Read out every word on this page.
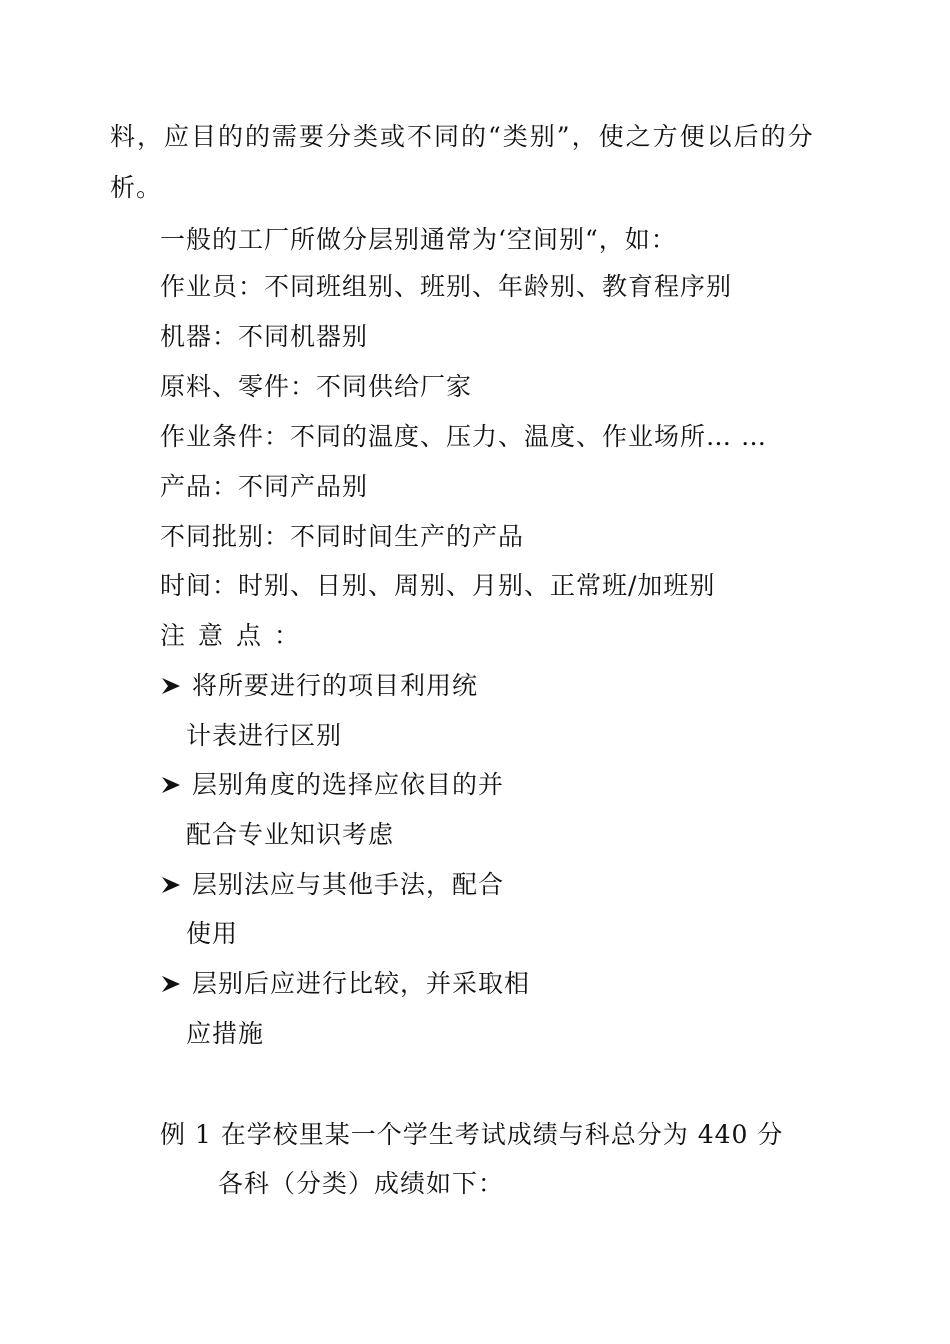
料，应目的的需要分类或不同的“类别”，使之方便以后的分
析。
一般的工厂所做分层别通常为‘空间别“，如：
作业员：不同班组别、班别、年龄别、教育程序别
机器：不同机器别
原料、零件：不同供给厂家
作业条件：不同的温度、压力、温度、作业场所… …
产品：不同产品别
不同批别：不同时间生产的产品
时间：时别、日别、周别、月别、正常班/加班别
注意点：
将所要进行的项目利用统
计表进行区别
层别角度的选择应依目的并
配合专业知识考虑
层别法应与其他手法，配合
使用
层别后应进行比较，并采取相
应措施
例 1 在学校里某一个学生考试成绩与科总分为 440 分
各科（分类）成绩如下：
